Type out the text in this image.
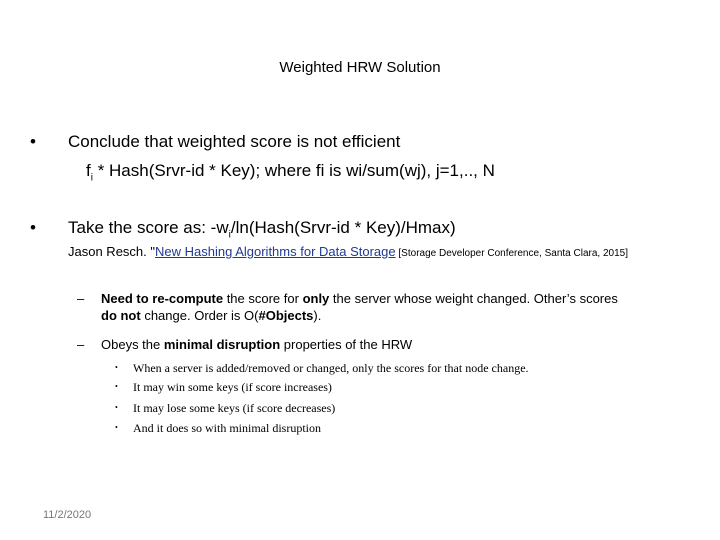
Weighted HRW Solution
• Conclude that weighted score is not efficient
$f_i$ * Hash(Srvr-id * Key); where fi is wi/sum(wj), j=1,.., N
• Take the score as: $-w_i/\ln(Hash(Srvr-id * Key)/Hmax)$
Jason Resch. "New Hashing Algorithms for Data Storage [Storage Developer Conference, Santa Clara, 2015]
– Need to re-compute the score for only the server whose weight changed. Other’s scores
do not change. Order is O(#Objects).
– Obeys the minimal disruption properties of the HRW
• When a server is added/removed or changed, only the scores for that node change.
• It may win some keys (if score increases)
• It may lose some keys (if score decreases)
• And it does so with minimal disruption
11/2/2020
